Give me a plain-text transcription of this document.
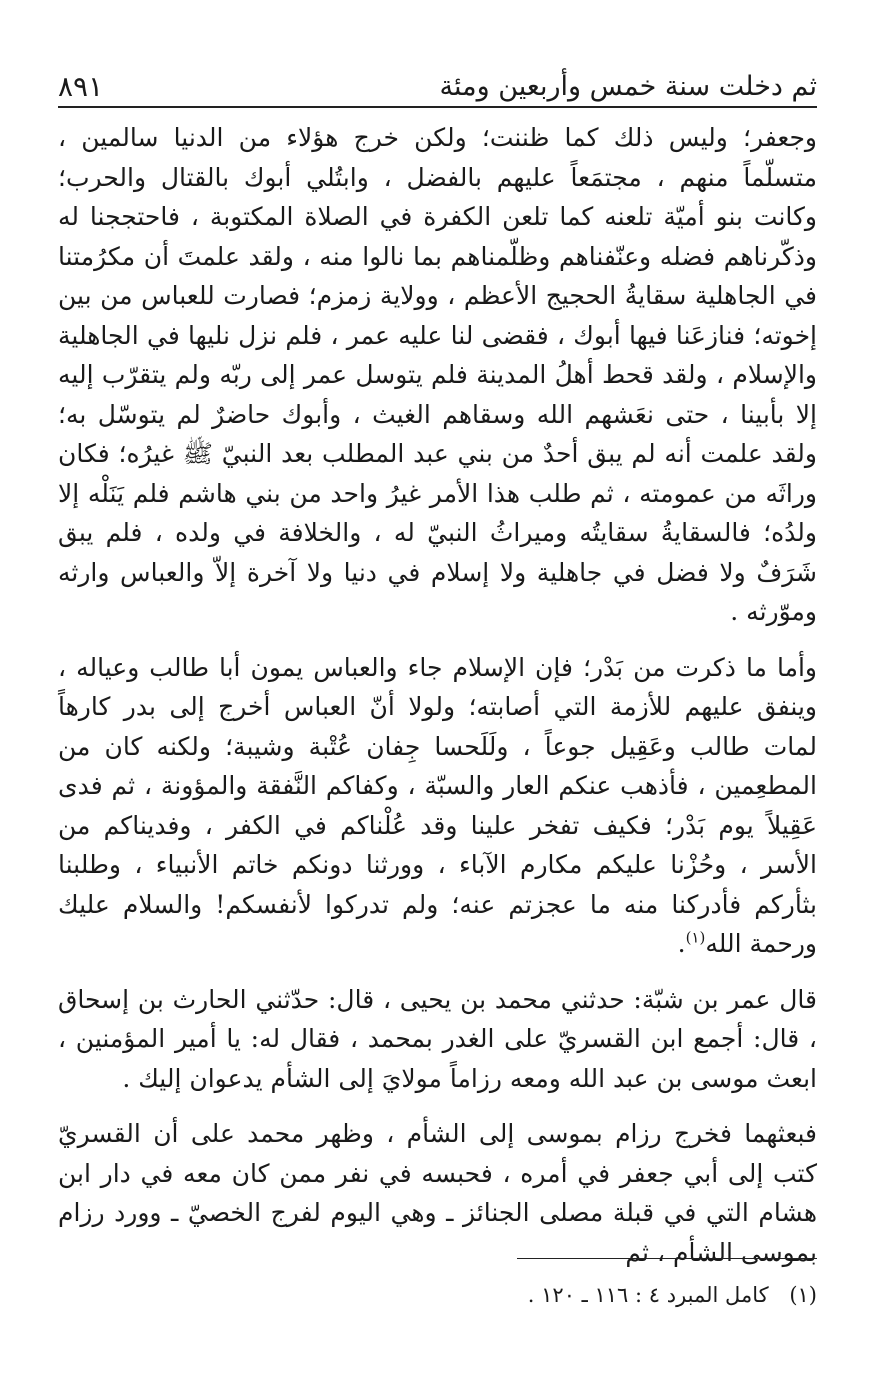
ثم دخلت سنة خمس وأربعين ومئة
٨٩١

وجعفر؛ وليس ذلك كما ظننت؛ ولكن خرج هؤلاء من الدنيا سالمين ، متسلّماً منهم ، مجتمَعاً عليهم بالفضل ، وابتُلي أبوك بالقتال والحرب؛ وكانت بنو أميّة تلعنه كما تلعن الكفرة في الصلاة المكتوبة ، فاحتججنا له وذكّرناهم فضله وعنّفناهم وظلّمناهم بما نالوا منه ، ولقد علمتَ أن مكرُمتنا في الجاهلية سقايةُ الحجيج الأعظم ، وولاية زمزم؛ فصارت للعباس من بين إخوته؛ فنازعَنا فيها أبوك ، فقضى لنا عليه عمر ، فلم نزل نليها في الجاهلية والإسلام ، ولقد قحط أهلُ المدينة فلم يتوسل عمر إلى ربّه ولم يتقرّب إليه إلا بأبينا ، حتى نعَشهم الله وسقاهم الغيث ، وأبوك حاضرٌ لم يتوسّل به؛ ولقد علمت أنه لم يبق أحدٌ من بني عبد المطلب بعد النبيّ ﷺ غيرُه؛ فكان وراثَه من عمومته ، ثم طلب هذا الأمر غيرُ واحد من بني هاشم فلم يَنَلْه إلا ولدُه؛ فالسقايةُ سقايتُه وميراثُ النبيّ له ، والخلافة في ولده ، فلم يبق شَرَفٌ ولا فضل في جاهلية ولا إسلام في دنيا ولا آخرة إلاّ والعباس وارثه وموّرثه .

وأما ما ذكرت من بَدْر؛ فإن الإسلام جاء والعباس يمون أبا طالب وعياله ، وينفق عليهم للأزمة التي أصابته؛ ولولا أنّ العباس أخرج إلى بدر كارهاً لمات طالب وعَقِيل جوعاً ، ولَلَحسا جِفان عُتْبة وشيبة؛ ولكنه كان من المطعِمين ، فأذهب عنكم العار والسبّة ، وكفاكم النَّفقة والمؤونة ، ثم فدى عَقِيلاً يوم بَدْر؛ فكيف تفخر علينا وقد عُلْناكم في الكفر ، وفديناكم من الأسر ، وحُزْنا عليكم مكارم الآباء ، وورثنا دونكم خاتم الأنبياء ، وطلبنا بثأركم فأدركنا منه ما عجزتم عنه؛ ولم تدركوا لأنفسكم! والسلام عليك ورحمة الله$^{(١)}$.

قال عمر بن شبّة: حدثني محمد بن يحيى ، قال: حدّثني الحارث بن إسحاق ، قال: أجمع ابن القسريّ على الغدر بمحمد ، فقال له: يا أمير المؤمنين ، ابعث موسى بن عبد الله ومعه رزاماً مولايَ إلى الشأم يدعوان إليك .

فبعثهما فخرج رزام بموسى إلى الشأم ، وظهر محمد على أن القسريّ كتب إلى أبي جعفر في أمره ، فحبسه في نفر ممن كان معه في دار ابن هشام التي في قبلة مصلى الجنائز ـ وهي اليوم لفرج الخصيّ ـ وورد رزام بموسى الشأم ، ثم

(١) كامل المبرد ٤ : ١١٦ ـ ١٢٠ .
